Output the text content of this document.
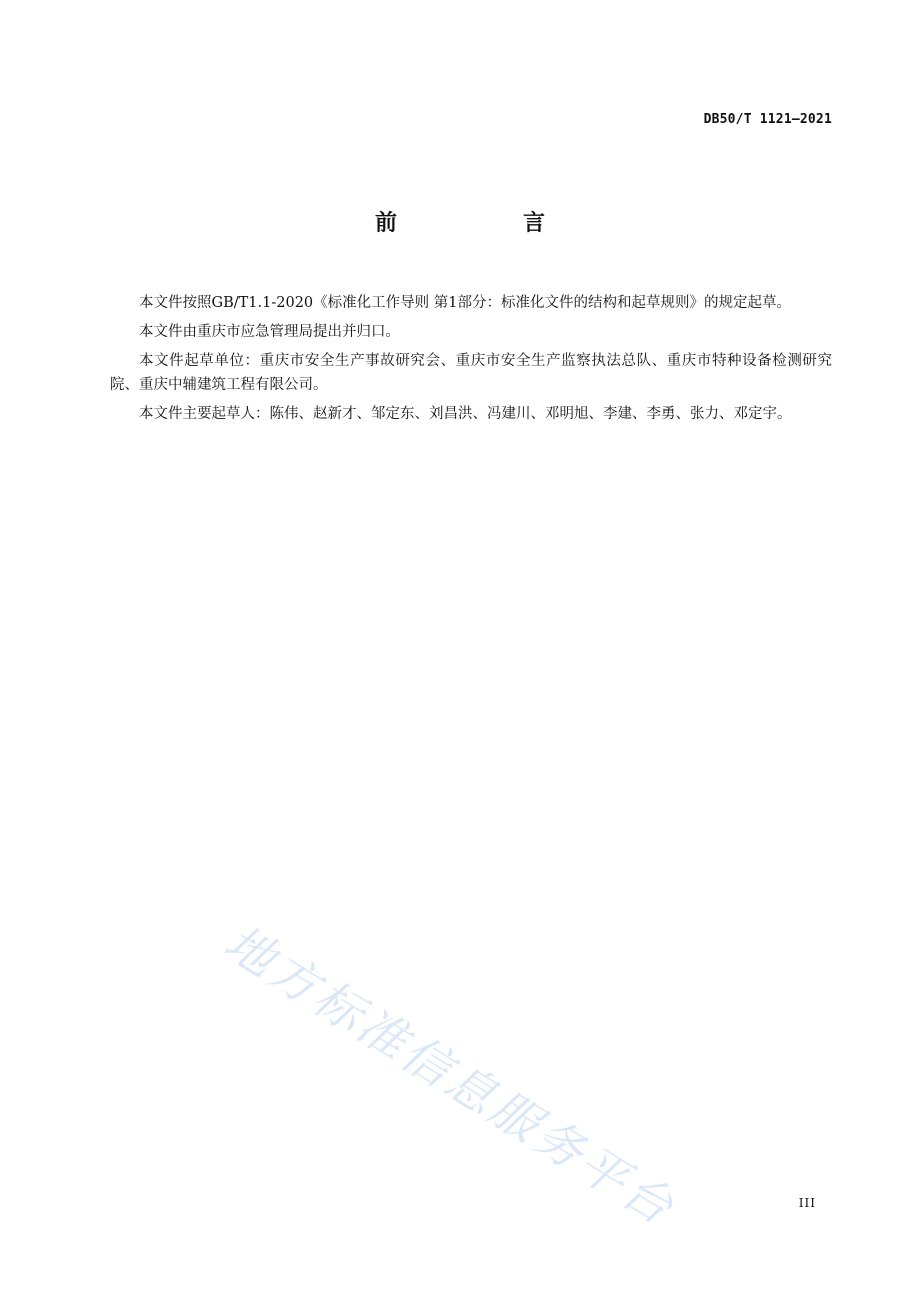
DB50/T 1121—2021
前　言

本文件按照GB/T1.1-2020《标准化工作导则 第1部分：标准化文件的结构和起草规则》的规定起草。

本文件由重庆市应急管理局提出并归口。

本文件起草单位：重庆市安全生产事故研究会、重庆市安全生产监察执法总队、重庆市特种设备检测研究院、重庆中辅建筑工程有限公司。

本文件主要起草人：陈伟、赵新才、邹定东、刘昌洪、冯建川、邓明旭、李建、李勇、张力、邓定宇。

地方标准信息服务平台	III
